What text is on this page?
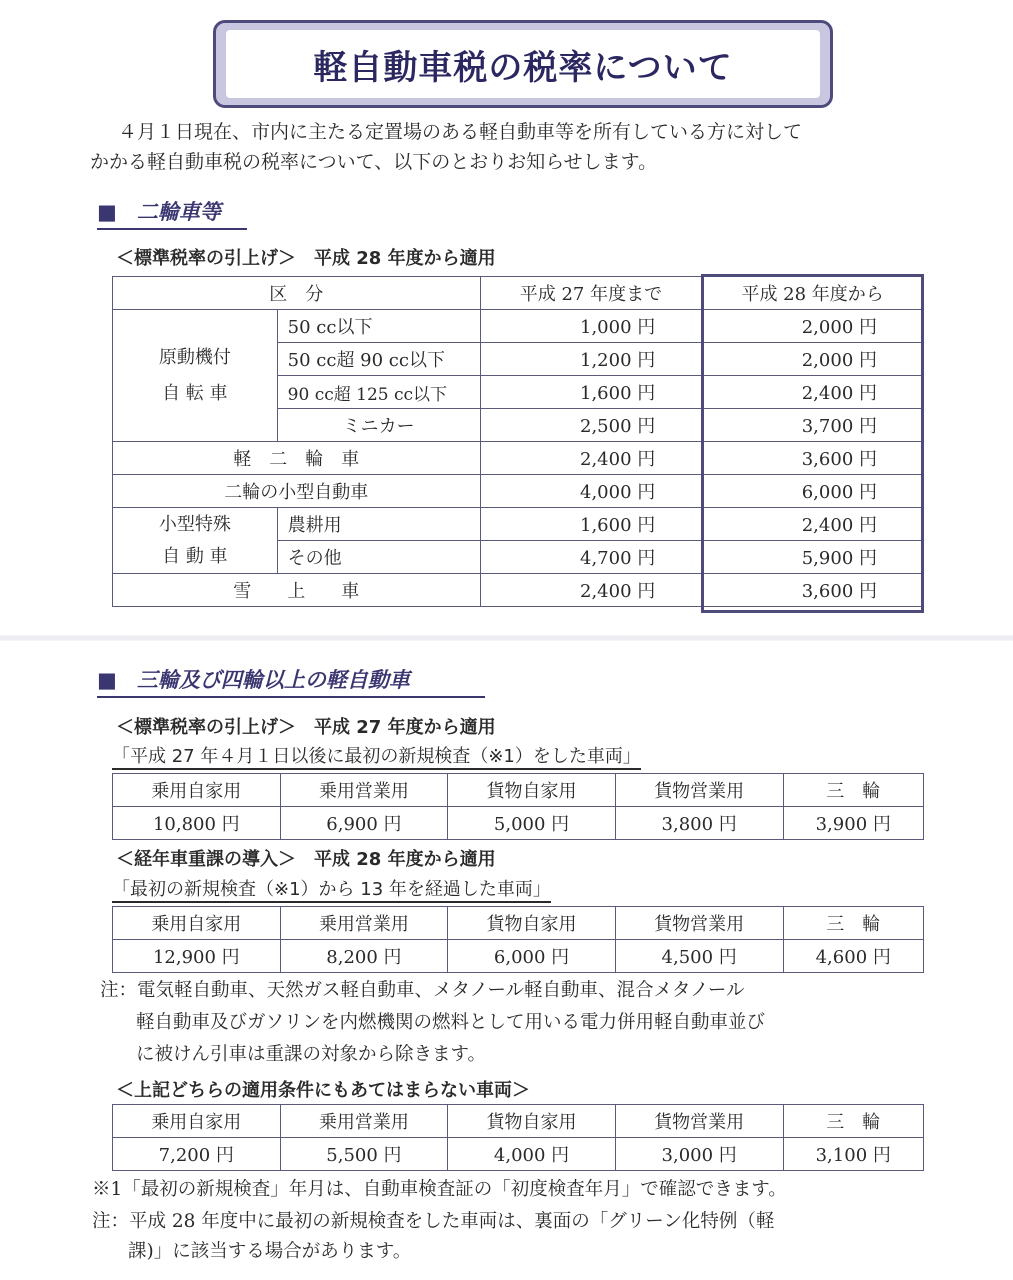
軽自動車税の税率について
４月１日現在、市内に主たる定置場のある軽自動車等を所有している方に対して
かかる軽自動車税の税率について、以下のとおりお知らせします。
■ 二輪車等
＜標準税率の引上げ＞　平成 28 年度から適用
区　分		平成 27 年度まで	平成 28 年度から
原動機付
自 転 車	50 cc以下	1,000 円	2,000 円
	50 cc超 90 cc以下	1,200 円	2,000 円
	90 cc超 125 cc以下	1,600 円	2,400 円
	ミニカー	2,500 円	3,700 円
軽　二　輪　車		2,400 円	3,600 円
二輪の小型自動車		4,000 円	6,000 円
小型特殊
自 動 車	農耕用	1,600 円	2,400 円
	その他	4,700 円	5,900 円
雪　　上　　車		2,400 円	3,600 円
■ 三輪及び四輪以上の軽自動車
＜標準税率の引上げ＞　平成 27 年度から適用
「平成 27 年４月１日以後に最初の新規検査（※1）をした車両」
乗用自家用	乗用営業用	貨物自家用	貨物営業用	三　輪
10,800 円	6,900 円	5,000 円	3,800 円	3,900 円
＜経年車重課の導入＞　平成 28 年度から適用
「最初の新規検査（※1）から 13 年を経過した車両」
乗用自家用	乗用営業用	貨物自家用	貨物営業用	三　輪
12,900 円	8,200 円	6,000 円	4,500 円	4,600 円
注：電気軽自動車、天然ガス軽自動車、メタノール軽自動車、混合メタノール
軽自動車及びガソリンを内燃機関の燃料として用いる電力併用軽自動車並び
に被けん引車は重課の対象から除きます。
＜上記どちらの適用条件にもあてはまらない車両＞
乗用自家用	乗用営業用	貨物自家用	貨物営業用	三　輪
7,200 円	5,500 円	4,000 円	3,000 円	3,100 円
※1「最初の新規検査」年月は、自動車検査証の「初度検査年月」で確認できます。
注：平成 28 年度中に最初の新規検査をした車両は、裏面の「グリーン化特例（軽
課)」に該当する場合があります。
